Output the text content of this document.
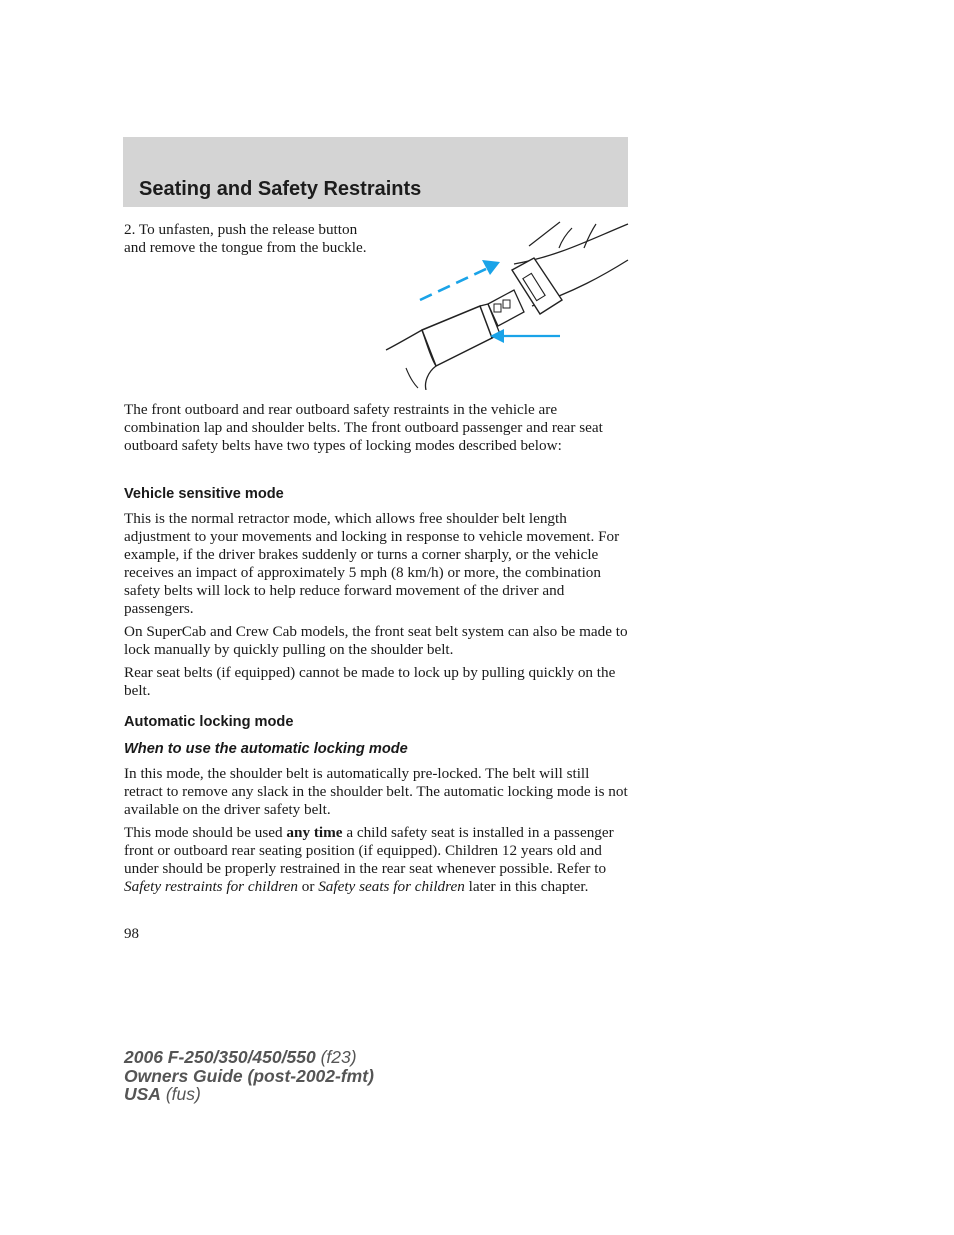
Seating and Safety Restraints

2. To unfasten, push the release button and remove the tongue from the buckle.

The front outboard and rear outboard safety restraints in the vehicle are combination lap and shoulder belts. The front outboard passenger and rear seat outboard safety belts have two types of locking modes described below:

Vehicle sensitive mode

This is the normal retractor mode, which allows free shoulder belt length adjustment to your movements and locking in response to vehicle movement. For example, if the driver brakes suddenly or turns a corner sharply, or the vehicle receives an impact of approximately 5 mph (8 km/h) or more, the combination safety belts will lock to help reduce forward movement of the driver and passengers.

On SuperCab and Crew Cab models, the front seat belt system can also be made to lock manually by quickly pulling on the shoulder belt.

Rear seat belts (if equipped) cannot be made to lock up by pulling quickly on the belt.

Automatic locking mode
When to use the automatic locking mode

In this mode, the shoulder belt is automatically pre-locked. The belt will still retract to remove any slack in the shoulder belt. The automatic locking mode is not available on the driver safety belt.

This mode should be used any time a child safety seat is installed in a passenger front or outboard rear seating position (if equipped). Children 12 years old and under should be properly restrained in the rear seat whenever possible. Refer to Safety restraints for children or Safety seats for children later in this chapter.

98

2006 F-250/350/450/550 (f23)
Owners Guide (post-2002-fmt)
USA (fus)
